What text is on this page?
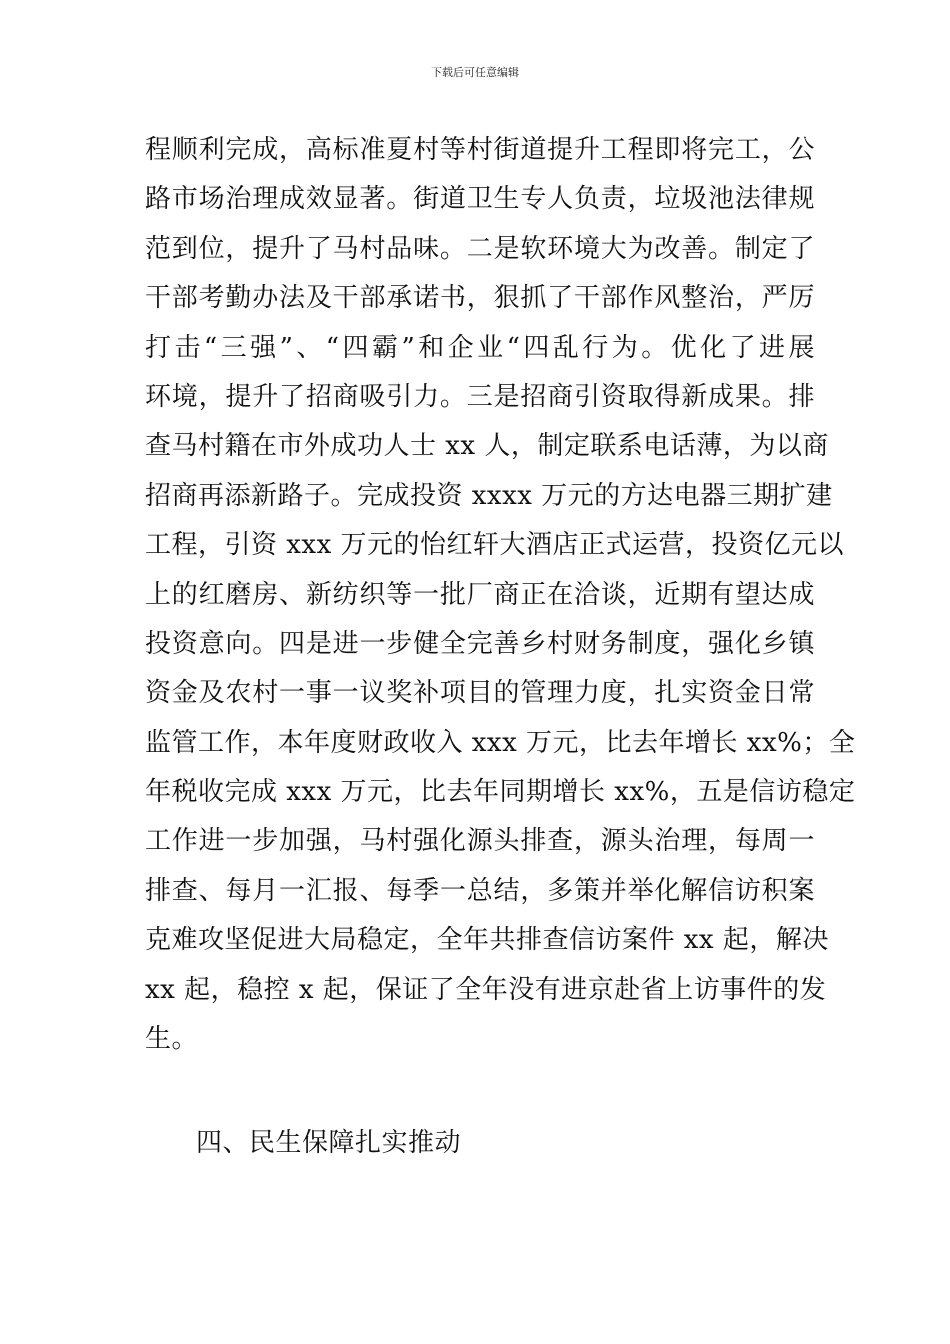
下载后可任意编辑
程顺利完成，高标准夏村等村街道提升工程即将完工，公
路市场治理成效显著。街道卫生专人负责，垃圾池法律规
范到位，提升了马村品味。二是软环境大为改善。制定了
干部考勤办法及干部承诺书，狠抓了干部作风整治，严厉
打击“三强”、“四霸”和企业“四乱行为。优化了进展
环境，提升了招商吸引力。三是招商引资取得新成果。排
查马村籍在市外成功人士 xx 人，制定联系电话薄，为以商
招商再添新路子。完成投资 xxxx 万元的方达电器三期扩建
工程，引资 xxx 万元的怡红轩大酒店正式运营，投资亿元以
上的红磨房、新纺织等一批厂商正在洽谈，近期有望达成
投资意向。四是进一步健全完善乡村财务制度，强化乡镇
资金及农村一事一议奖补项目的管理力度，扎实资金日常
监管工作，本年度财政收入 xxx 万元，比去年增长 xx%；全
年税收完成 xxx 万元，比去年同期增长 xx%，五是信访稳定
工作进一步加强，马村强化源头排查，源头治理，每周一
排查、每月一汇报、每季一总结，多策并举化解信访积案
克难攻坚促进大局稳定，全年共排查信访案件 xx 起，解决
xx 起，稳控 x 起，保证了全年没有进京赴省上访事件的发
生。
四、民生保障扎实推动
